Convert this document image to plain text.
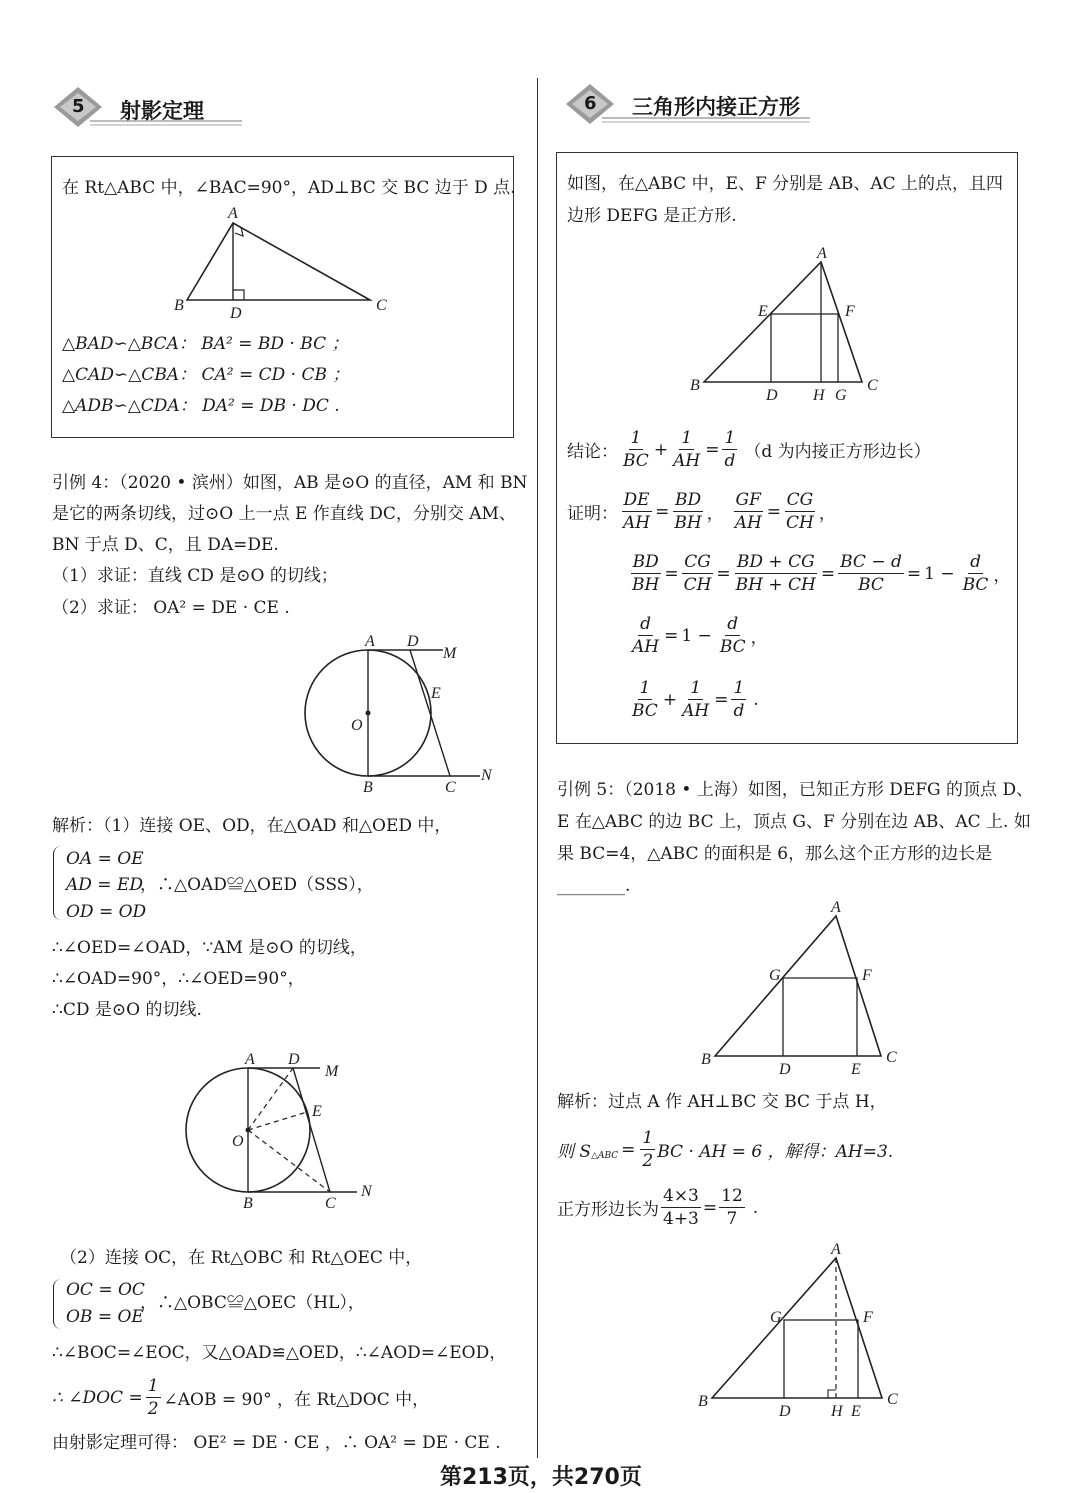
5 射影定理	6 三角形内接正方形
在 Rt△ABC 中，∠BAC=90°，AD⊥BC 交 BC 边于 D 点.
A
B	C
D
△BAD∽△BCA： BA² = BD · BC ；
△CAD∽△CBA： CA² = CD · CB ；
△ADB∽△CDA： DA² = DB · DC .
引例 4：（2020 • 滨州）如图，AB 是⊙O 的直径，AM 和 BN
是它的两条切线，过⊙O 上一点 E 作直线 DC，分别交 AM、
BN 于点 D、C，且 DA=DE.
（1）求证：直线 CD 是⊙O 的切线；
（2）求证： OA² = DE · CE .
A D
M
E
O
B	C
N
解析：（1）连接 OE、OD，在△OAD 和△OED 中，
OA = OE
AD = ED
OD = OD
，∴△OAD≌△OED（SSS），
∴∠OED=∠OAD，∵AM 是⊙O 的切线，
∴∠OAD=90°，∴∠OED=90°，
∴CD 是⊙O 的切线.
A D
M
E
O
B	C
N
（2）连接 OC，在 Rt△OBC 和 Rt△OEC 中，
OC = OC
OB = OE
，∴△OBC≌△OEC（HL），
∴∠BOC=∠EOC，又△OAD≌△OED，∴∠AOD=∠EOD，
∴ ∠DOC = $\frac{1}{2}$ ∠AOB = 90° ，在 Rt△DOC 中，
由射影定理可得： OE² = DE · CE ，∴ OA² = DE · CE .
如图，在△ABC 中，E、F 分别是 AB、AC 上的点，且四
边形 DEFG 是正方形.
A
E	F
B
D H G
C
结论： $\frac{1}{BC} + \frac{1}{AH} = \frac{1}{d} (d$ 为内接正方形边长）
证明： $\frac{DE}{AH} = \frac{BD}{BH}$ ， $\frac{GF}{AH} = \frac{CG}{CH}$ ，
$\frac{BD}{BH} = \frac{CG}{CH} = \frac{BD + CG}{BH + CH} = \frac{BC - d}{BC} = 1 - \frac{d}{BC}$ ，
$\frac{d}{AH} = 1 - \frac{d}{BC}$ ，
$\frac{1}{BC} + \frac{1}{AH} = \frac{1}{d}$ .
引例 5：（2018 • 上海）如图，已知正方形 DEFG 的顶点 D、
E 在△ABC 的边 BC 上，顶点 G、F 分别在边 AB、AC 上. 如
果 BC=4，△ABC 的面积是 6，那么这个正方形的边长是
________.
A
G	F
B
D	E
C
解析：过点 A 作 AH⊥BC 交 BC 于点 H，
则 S △ABC = $\frac{1}{2}$ BC · AH = 6 ，解得：AH=3.
正方形边长为 $\frac{4\times 3}{4+3} = \frac{12}{7}$ .
A
G	F
B
D	H E
C
第213页，共270页
